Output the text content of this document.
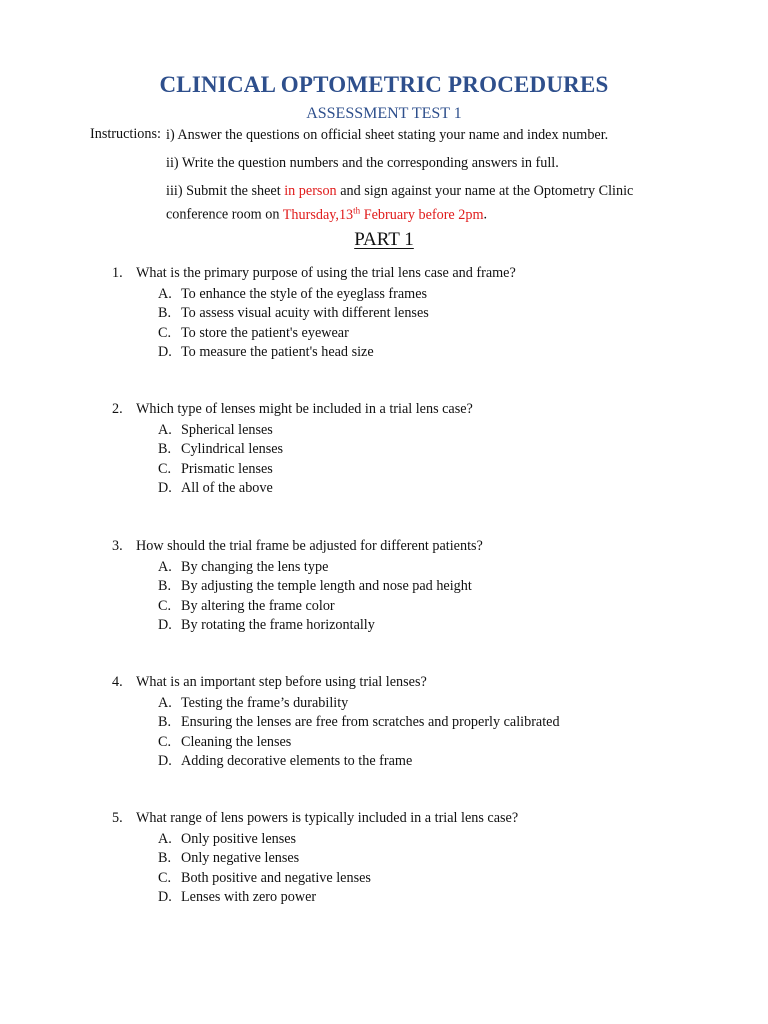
CLINICAL OPTOMETRIC PROCEDURES
ASSESSMENT TEST 1
Instructions: i) Answer the questions on official sheet stating your name and index number.
ii) Write the question numbers and the corresponding answers in full.
iii) Submit the sheet in person and sign against your name at the Optometry Clinic
conference room on Thursday,13th February before 2pm.
PART 1
1. What is the primary purpose of using the trial lens case and frame?
A. To enhance the style of the eyeglass frames
B. To assess visual acuity with different lenses
C. To store the patient's eyewear
D. To measure the patient's head size
2. Which type of lenses might be included in a trial lens case?
A. Spherical lenses
B. Cylindrical lenses
C. Prismatic lenses
D. All of the above
3. How should the trial frame be adjusted for different patients?
A. By changing the lens type
B. By adjusting the temple length and nose pad height
C. By altering the frame color
D. By rotating the frame horizontally
4. What is an important step before using trial lenses?
A. Testing the frame’s durability
B. Ensuring the lenses are free from scratches and properly calibrated
C. Cleaning the lenses
D. Adding decorative elements to the frame
5. What range of lens powers is typically included in a trial lens case?
A. Only positive lenses
B. Only negative lenses
C. Both positive and negative lenses
D. Lenses with zero power
